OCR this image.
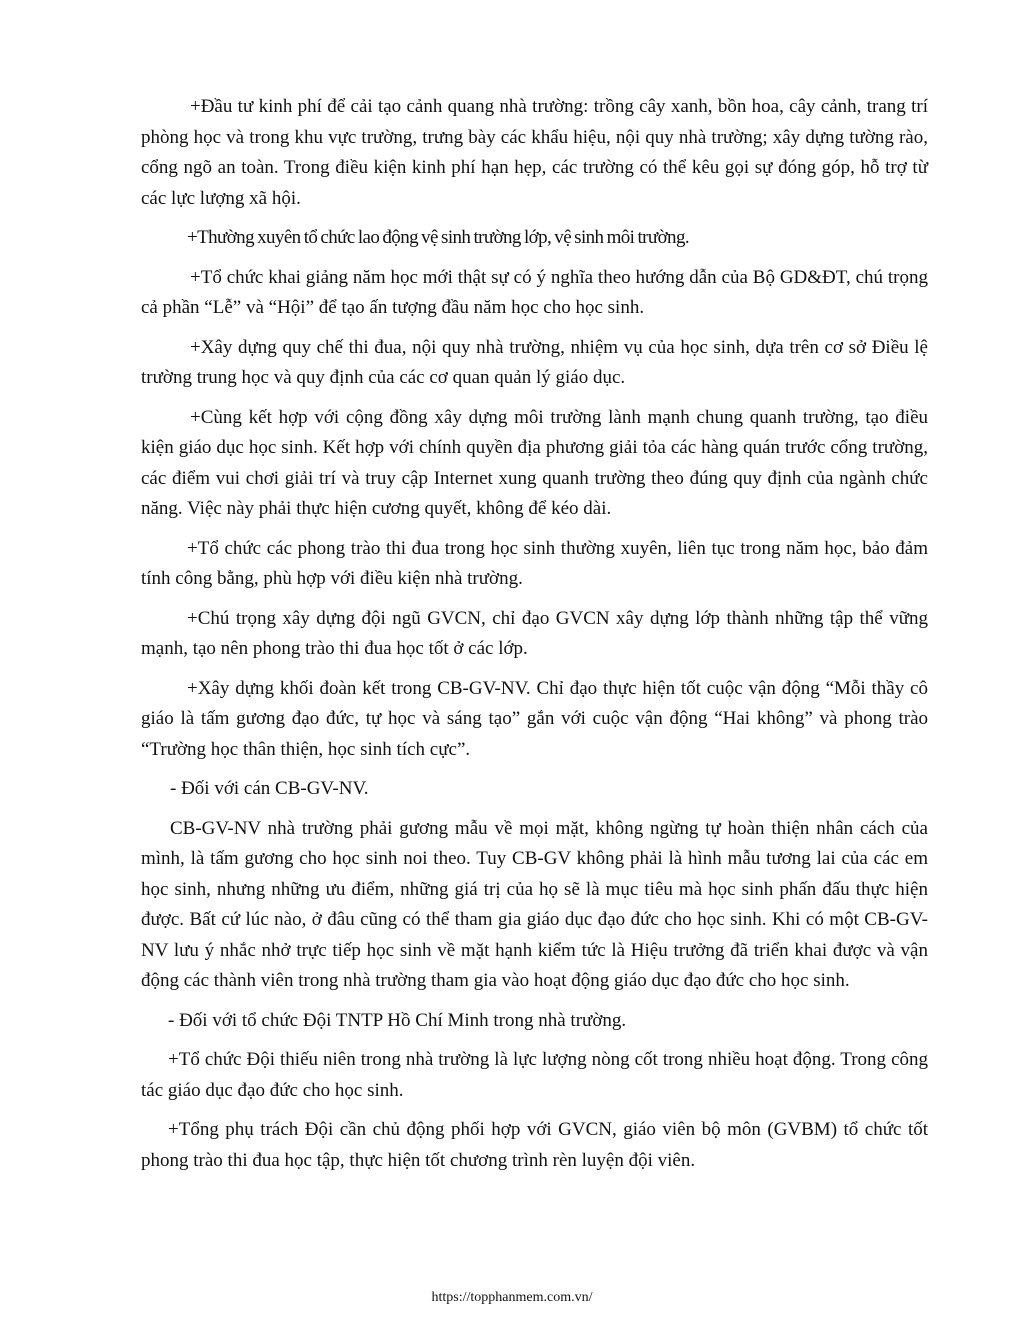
+Đầu tư kinh phí để cải tạo cảnh quang nhà trường: trồng cây xanh, bồn hoa, cây cảnh, trang trí phòng học và trong khu vực trường, trưng bày các khẩu hiệu, nội quy nhà trường; xây dựng tường rào, cổng ngõ an toàn. Trong điều kiện kinh phí hạn hẹp, các trường có thể kêu gọi sự đóng góp, hỗ trợ từ các lực lượng xã hội.

+Thường xuyên tổ chức lao động vệ sinh trường lớp, vệ sinh môi trường.

+Tổ chức khai giảng năm học mới thật sự có ý nghĩa theo hướng dẫn của Bộ GD&ĐT, chú trọng cả phần “Lễ” và “Hội” để tạo ấn tượng đầu năm học cho học sinh.

+Xây dựng quy chế thi đua, nội quy nhà trường, nhiệm vụ của học sinh, dựa trên cơ sở Điều lệ trường trung học và quy định của các cơ quan quản lý giáo dục.

+Cùng kết hợp với cộng đồng xây dựng môi trường lành mạnh chung quanh trường, tạo điều kiện giáo dục học sinh. Kết hợp với chính quyền địa phương giải tỏa các hàng quán trước cổng trường, các điểm vui chơi giải trí và truy cập Internet xung quanh trường theo đúng quy định của ngành chức năng. Việc này phải thực hiện cương quyết, không để kéo dài.

+Tổ chức các phong trào thi đua trong học sinh thường xuyên, liên tục trong năm học, bảo đảm tính công bằng, phù hợp với điều kiện nhà trường.

+Chú trọng xây dựng đội ngũ GVCN, chỉ đạo GVCN xây dựng lớp thành những tập thể vững mạnh, tạo nên phong trào thi đua học tốt ở các lớp.

+Xây dựng khối đoàn kết trong CB-GV-NV. Chỉ đạo thực hiện tốt cuộc vận động “Mỗi thầy cô giáo là tấm gương đạo đức, tự học và sáng tạo” gắn với cuộc vận động “Hai không” và phong trào “Trường học thân thiện, học sinh tích cực”.

- Đối với cán CB-GV-NV.

CB-GV-NV nhà trường phải gương mẫu về mọi mặt, không ngừng tự hoàn thiện nhân cách của mình, là tấm gương cho học sinh noi theo. Tuy CB-GV không phải là hình mẫu tương lai của các em học sinh, nhưng những ưu điểm, những giá trị của họ sẽ là mục tiêu mà học sinh phấn đấu thực hiện được. Bất cứ lúc nào, ở đâu cũng có thể tham gia giáo dục đạo đức cho học sinh. Khi có một CB-GV-NV lưu ý nhắc nhở trực tiếp học sinh về mặt hạnh kiểm tức là Hiệu trưởng đã triển khai được và vận động các thành viên trong nhà trường tham gia vào hoạt động giáo dục đạo đức cho học sinh.

- Đối với tổ chức Đội TNTP Hồ Chí Minh trong nhà trường.

+Tổ chức Đội thiếu niên trong nhà trường là lực lượng nòng cốt trong nhiều hoạt động. Trong công tác giáo dục đạo đức cho học sinh.

+Tổng phụ trách Đội cần chủ động phối hợp với GVCN, giáo viên bộ môn (GVBM) tổ chức tốt phong trào thi đua học tập, thực hiện tốt chương trình rèn luyện đội viên.

https://topphanmem.com.vn/
